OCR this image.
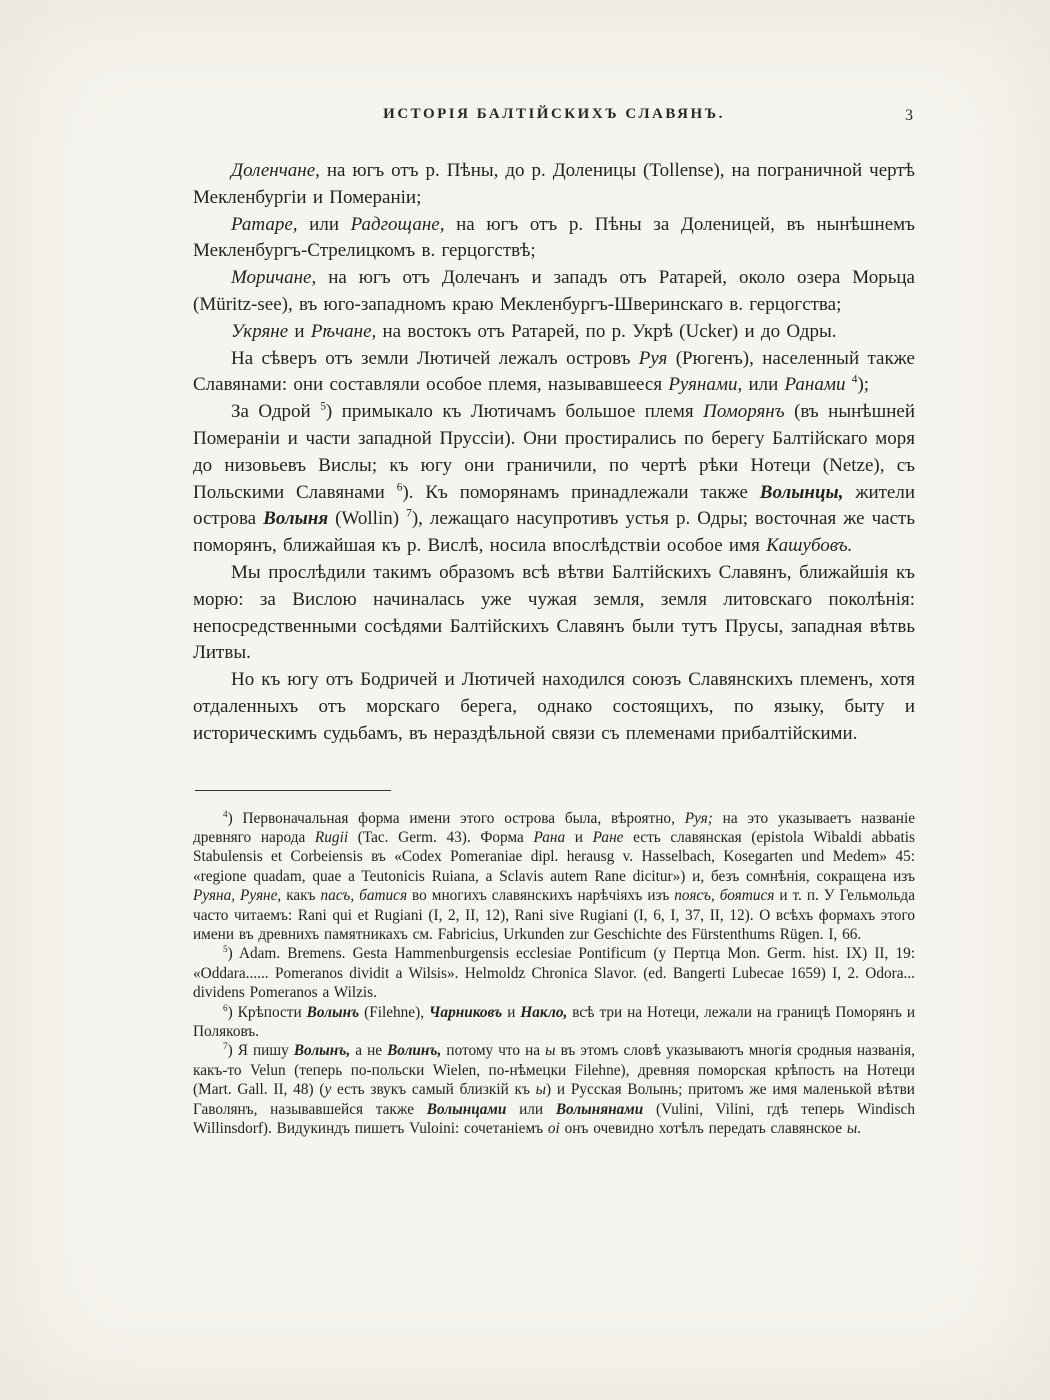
ИСТОРІЯ БАЛТІЙСКИХЪ СЛАВЯНЪ.	3

Доленчане, на югъ отъ р. Пѣны, до р. Доленицы (Tollense), на пограничной чертѣ Мекленбургіи и Помераніи;

Ратаре, или Радгощане, на югъ отъ р. Пѣны за Доленицей, въ нынѣшнемъ Мекленбургъ-Стрелицкомъ в. герцогствѣ;

Моричане, на югъ отъ Долечанъ и западъ отъ Ратарей, около озера Морьца (Müritz-see), въ юго-западномъ краю Мекленбургъ-Шверинскаго в. герцогства;

Укряне и Рѣчане, на востокъ отъ Ратарей, по р. Укрѣ (Ucker) и до Одры.

На сѣверъ отъ земли Лютичей лежалъ островъ Руя (Рюгенъ), населенный также Славянами: они составляли особое племя, называвшееся Руянами, или Ранами $^4$);

За Одрой $^5$) примыкало къ Лютичамъ большое племя Поморянъ (въ нынѣшней Помераніи и части западной Пруссіи). Они простирались по берегу Балтійскаго моря до низовьевъ Вислы; къ югу они граничили, по чертѣ рѣки Нотеци (Netze), съ Польскими Славянами $^6$). Къ поморянамъ принадлежали также Волынцы, жители острова Волыня (Wollin) $^7$), лежащаго насупротивъ устья р. Одры; восточная же часть поморянъ, ближайшая къ р. Вислѣ, носила впослѣдствіи особое имя Кашубовъ.

Мы прослѣдили такимъ образомъ всѣ вѣтви Балтійскихъ Славянъ, ближайшія къ морю: за Вислою начиналась уже чужая земля, земля литовскаго поколѣнія: непосредственными сосѣдями Балтійскихъ Славянъ были тутъ Прусы, западная вѣтвь Литвы.

Но къ югу отъ Бодричей и Лютичей находился союзъ Славянскихъ племенъ, хотя отдаленныхъ отъ морскаго берега, однако состоящихъ, по языку, быту и историческимъ судьбамъ, въ нераздѣльной связи съ племенами прибалтійскими.

$^4$) Первоначальная форма имени этого острова была, вѣроятно, Руя; на это указываетъ названіе древняго народа Rugii (Tac. Germ. 43). Форма Рана и Ране есть славянская (epistola Wibaldi abbatis Stabulensis et Corbeiensis въ «Codex Pomeraniae dipl. herausg v. Hasselbach, Kosegarten und Medem» 45: «regione quadam, quae a Teutonicis Ruiana, a Sclavis autem Rane dicitur») и, безъ сомнѣнія, сокращена изъ Руяна, Руяне, какъ пасъ, батися во многихъ славянскихъ нарѣчіяхъ изъ поясъ, боятися и т. п. У Гельмольда часто читаемъ: Rani qui et Rugiani (I, 2, II, 12), Rani sive Rugiani (I, 6, I, 37, II, 12). О всѣхъ формахъ этого имени въ древнихъ памятникахъ см. Fabricius, Urkunden zur Geschichte des Fürstenthums Rügen. I, 66.

$^5$) Adam. Bremens. Gesta Hammenburgensis ecclesiae Pontificum (у Пертца Mon. Germ. hist. IX) II, 19: «Oddara...... Pomeranos dividit a Wilsis». Helmoldz Chronica Slavor. (ed. Bangerti Lubecae 1659) I, 2. Odora... dividens Pomeranos a Wilzis.

$^6$) Крѣпости Волынъ (Filehne), Чарниковъ и Накло, всѣ три на Нотеци, лежали на границѣ Поморянъ и Поляковъ.

$^7$) Я пишу Волынъ, а не Волинъ, потому что на ы въ этомъ словѣ указываютъ многія сродныя названія, какъ-то Velun (теперь по-польски Wielen, по-нѣмецки Filehne), древняя поморская крѣпость на Нотеци (Mart. Gall. II, 48) (у есть звукъ самый близкій къ ы) и Русская Волынь; притомъ же имя маленькой вѣтви Гаволянъ, называвшейся также Волынцами или Волынянами (Vulini, Vilini, гдѣ теперь Windisch Willinsdorf). Видукиндъ пишетъ Vuloini: сочетаніемъ oi онъ очевидно хотѣлъ передать славянское ы.
